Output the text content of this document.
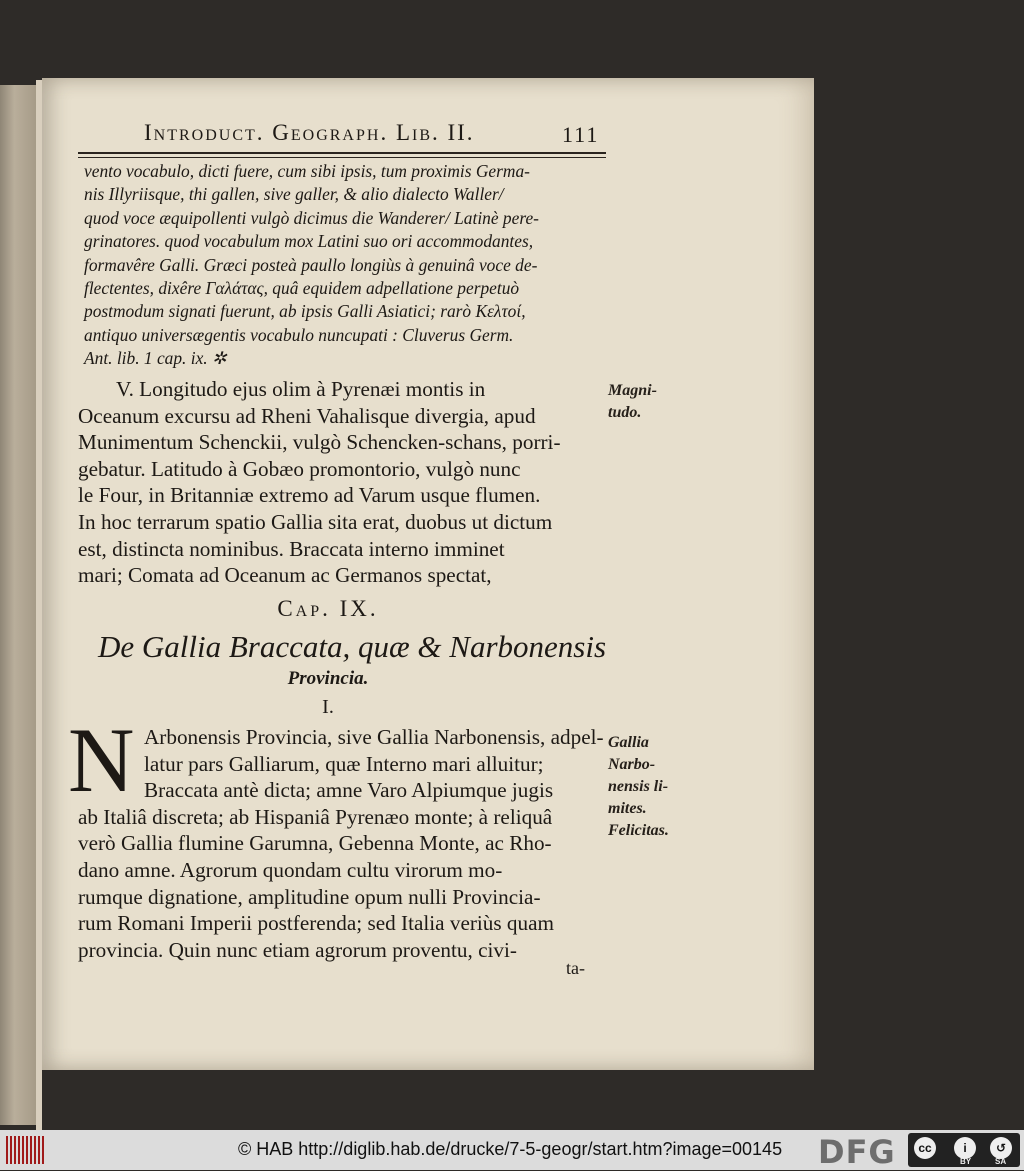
Introduct. Geograph. Lib. II.	111
vento vocabulo, dicti fuere, cum sibi ipsis, tum proximis Germa-
nis Illyriisque, thi gallen, sive galler, & alio dialecto Waller/
quod voce æquipollenti vulgò dicimus die Wanderer/ Latinè pere-
grinatores. quod vocabulum mox Latini suo ori accommodantes,
formavêre Galli. Græci posteà paullo longiùs à genuinâ voce de-
flectentes, dixêre Γαλάτας, quâ equidem adpellatione perpetuò
postmodum signati fuerunt, ab ipsis Galli Asiatici; rarò Κελτοί,
antiquo universægentis vocabulo nuncupati : Cluverus Germ.
Ant. lib. 1 cap. ix. ✲
V. Longitudo ejus olim à Pyrenæi montis in
Oceanum excursu ad Rheni Vahalisque divergia, apud
Munimentum Schenckii, vulgò Schencken-schans, porri-
gebatur. Latitudo à Gobæo promontorio, vulgò nunc
le Four, in Britanniæ extremo ad Varum usque flumen.
In hoc terrarum spatio Gallia sita erat, duobus ut dictum
est, distincta nominibus. Braccata interno imminet
mari; Comata ad Oceanum ac Germanos spectat,
Magni-
tudo.
Cap. IX.
De Gallia Braccata, quæ & Narbonensis
Provincia.
I.
N Arbonensis Provincia, sive Gallia Narbonensis, adpel-
latur pars Galliarum, quæ Interno mari alluitur;
Braccata antè dicta; amne Varo Alpiumque jugis
ab Italiâ discreta; ab Hispaniâ Pyrenæo monte; à reliquâ
verò Gallia flumine Garumna, Gebenna Monte, ac Rho-
dano amne. Agrorum quondam cultu virorum mo-
rumque dignatione, amplitudine opum nulli Provincia-
rum Romani Imperii postferenda; sed Italia veriùs quam
provincia. Quin nunc etiam agrorum proventu, civi-
ta-
Gallia
Narbo-
nensis li-
mites.
Felicitas.
© HAB http://diglib.hab.de/drucke/7-5-geogr/start.htm?image=00145 DFG	cc	i	↺
BY	SA
